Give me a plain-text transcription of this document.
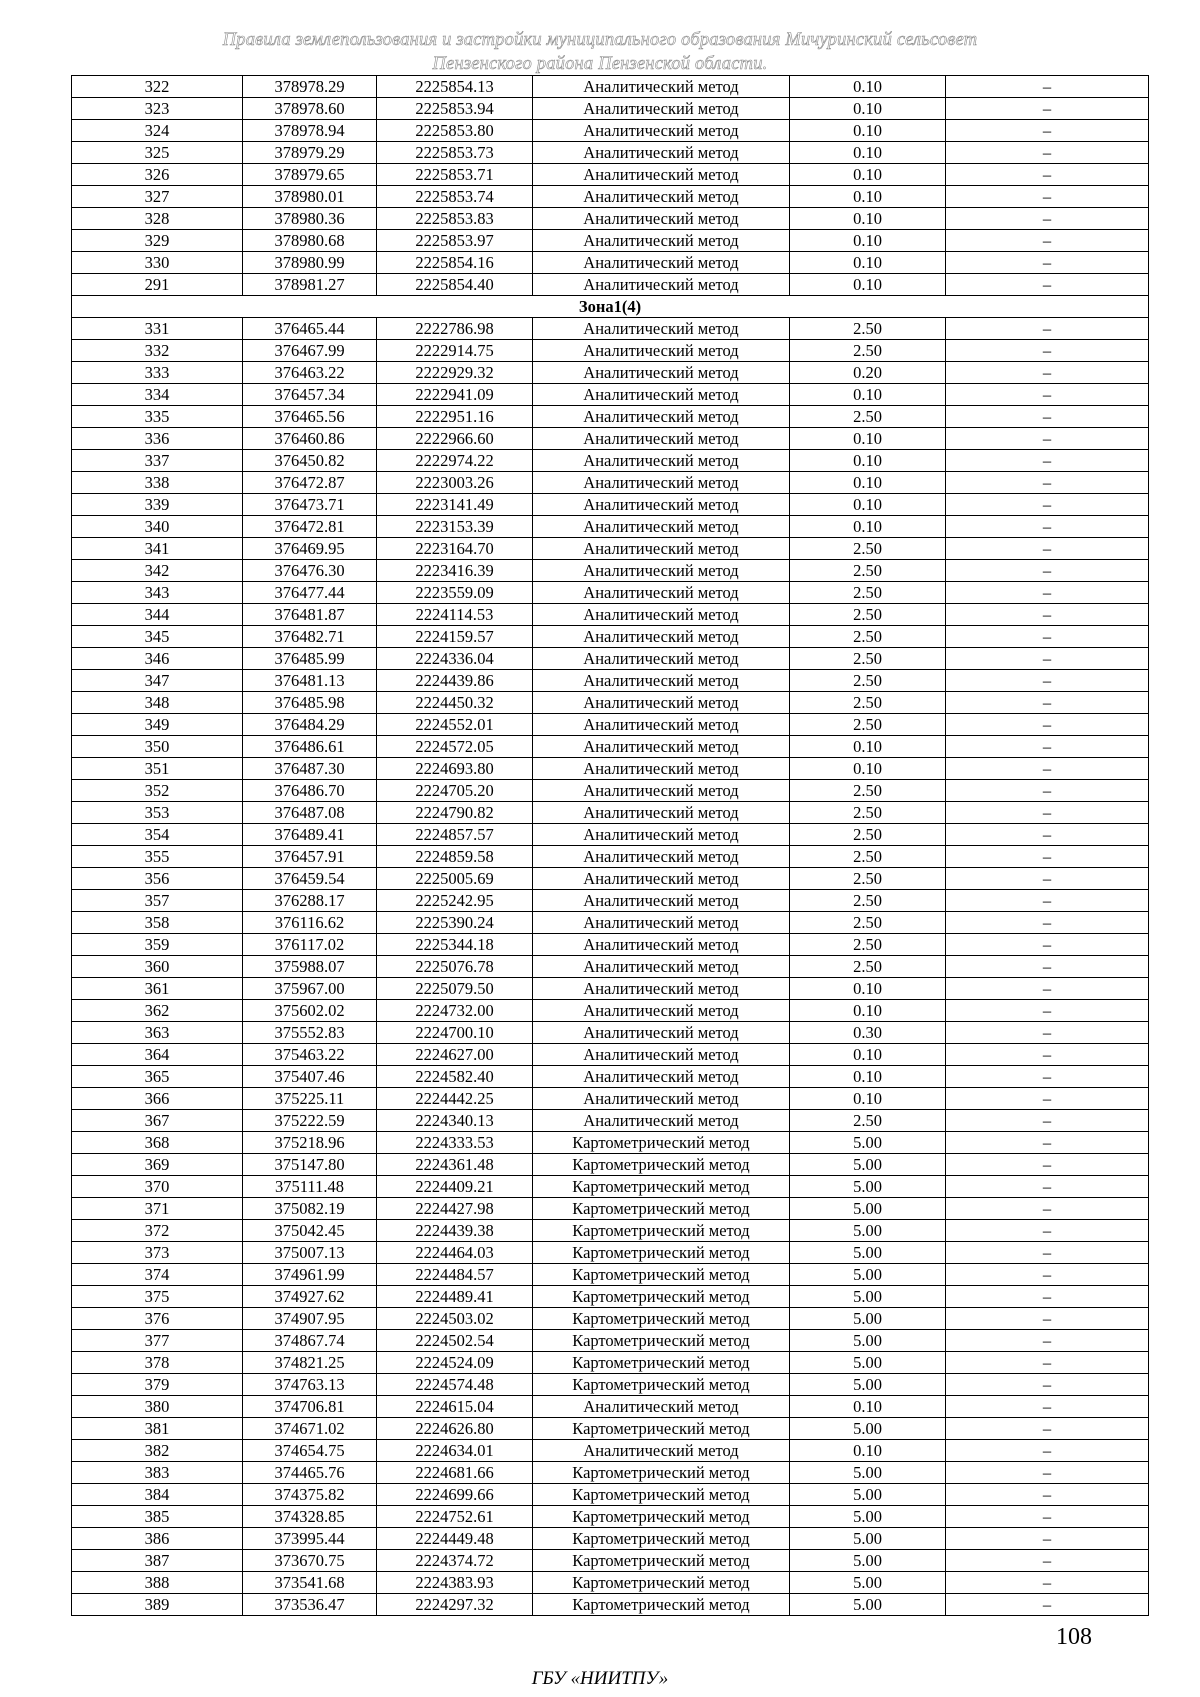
Правила землепользования и застройки муниципального образования Мичуринский сельсовет
Пензенского района Пензенской области.
322	378978.29	2225854.13	Аналитический метод	0.10	–
323	378978.60	2225853.94	Аналитический метод	0.10	–
324	378978.94	2225853.80	Аналитический метод	0.10	–
325	378979.29	2225853.73	Аналитический метод	0.10	–
326	378979.65	2225853.71	Аналитический метод	0.10	–
327	378980.01	2225853.74	Аналитический метод	0.10	–
328	378980.36	2225853.83	Аналитический метод	0.10	–
329	378980.68	2225853.97	Аналитический метод	0.10	–
330	378980.99	2225854.16	Аналитический метод	0.10	–
291	378981.27	2225854.40	Аналитический метод	0.10	–
Зона1(4)					
331	376465.44	2222786.98	Аналитический метод	2.50	–
332	376467.99	2222914.75	Аналитический метод	2.50	–
333	376463.22	2222929.32	Аналитический метод	0.20	–
334	376457.34	2222941.09	Аналитический метод	0.10	–
335	376465.56	2222951.16	Аналитический метод	2.50	–
336	376460.86	2222966.60	Аналитический метод	0.10	–
337	376450.82	2222974.22	Аналитический метод	0.10	–
338	376472.87	2223003.26	Аналитический метод	0.10	–
339	376473.71	2223141.49	Аналитический метод	0.10	–
340	376472.81	2223153.39	Аналитический метод	0.10	–
341	376469.95	2223164.70	Аналитический метод	2.50	–
342	376476.30	2223416.39	Аналитический метод	2.50	–
343	376477.44	2223559.09	Аналитический метод	2.50	–
344	376481.87	2224114.53	Аналитический метод	2.50	–
345	376482.71	2224159.57	Аналитический метод	2.50	–
346	376485.99	2224336.04	Аналитический метод	2.50	–
347	376481.13	2224439.86	Аналитический метод	2.50	–
348	376485.98	2224450.32	Аналитический метод	2.50	–
349	376484.29	2224552.01	Аналитический метод	2.50	–
350	376486.61	2224572.05	Аналитический метод	0.10	–
351	376487.30	2224693.80	Аналитический метод	0.10	–
352	376486.70	2224705.20	Аналитический метод	2.50	–
353	376487.08	2224790.82	Аналитический метод	2.50	–
354	376489.41	2224857.57	Аналитический метод	2.50	–
355	376457.91	2224859.58	Аналитический метод	2.50	–
356	376459.54	2225005.69	Аналитический метод	2.50	–
357	376288.17	2225242.95	Аналитический метод	2.50	–
358	376116.62	2225390.24	Аналитический метод	2.50	–
359	376117.02	2225344.18	Аналитический метод	2.50	–
360	375988.07	2225076.78	Аналитический метод	2.50	–
361	375967.00	2225079.50	Аналитический метод	0.10	–
362	375602.02	2224732.00	Аналитический метод	0.10	–
363	375552.83	2224700.10	Аналитический метод	0.30	–
364	375463.22	2224627.00	Аналитический метод	0.10	–
365	375407.46	2224582.40	Аналитический метод	0.10	–
366	375225.11	2224442.25	Аналитический метод	0.10	–
367	375222.59	2224340.13	Аналитический метод	2.50	–
368	375218.96	2224333.53	Картометрический метод	5.00	–
369	375147.80	2224361.48	Картометрический метод	5.00	–
370	375111.48	2224409.21	Картометрический метод	5.00	–
371	375082.19	2224427.98	Картометрический метод	5.00	–
372	375042.45	2224439.38	Картометрический метод	5.00	–
373	375007.13	2224464.03	Картометрический метод	5.00	–
374	374961.99	2224484.57	Картометрический метод	5.00	–
375	374927.62	2224489.41	Картометрический метод	5.00	–
376	374907.95	2224503.02	Картометрический метод	5.00	–
377	374867.74	2224502.54	Картометрический метод	5.00	–
378	374821.25	2224524.09	Картометрический метод	5.00	–
379	374763.13	2224574.48	Картометрический метод	5.00	–
380	374706.81	2224615.04	Аналитический метод	0.10	–
381	374671.02	2224626.80	Картометрический метод	5.00	–
382	374654.75	2224634.01	Аналитический метод	0.10	–
383	374465.76	2224681.66	Картометрический метод	5.00	–
384	374375.82	2224699.66	Картометрический метод	5.00	–
385	374328.85	2224752.61	Картометрический метод	5.00	–
386	373995.44	2224449.48	Картометрический метод	5.00	–
387	373670.75	2224374.72	Картометрический метод	5.00	–
388	373541.68	2224383.93	Картометрический метод	5.00	–
389	373536.47	2224297.32	Картометрический метод	5.00	–
108
ГБУ «НИИТПУ»
